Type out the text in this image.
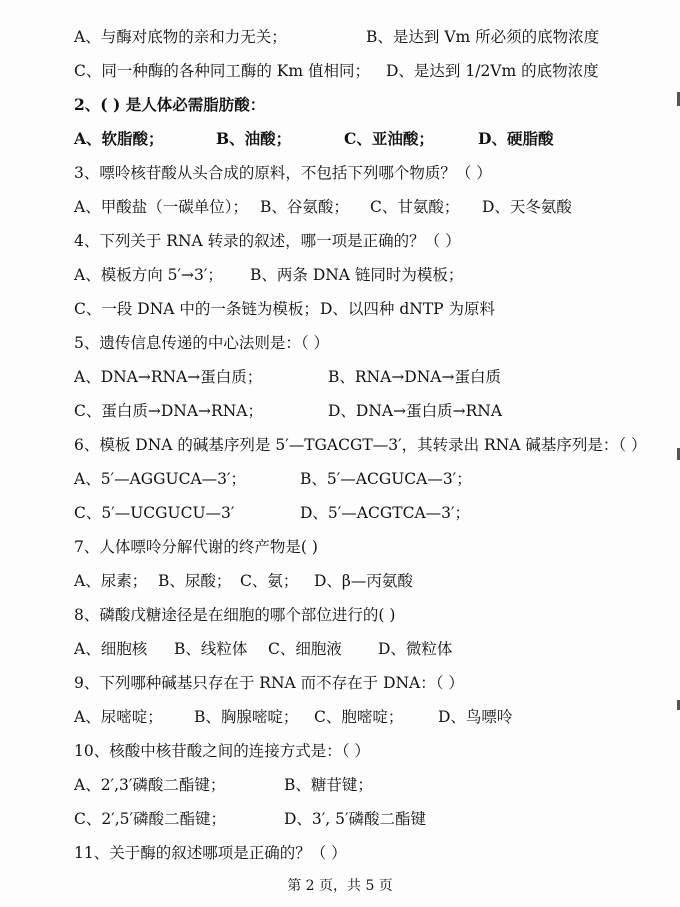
A、与酶对底物的亲和力无关；	B、是达到 Vm 所必须的底物浓度
C、同一种酶的各种同工酶的 Km 值相同； D、是达到 1/2Vm 的底物浓度
2、( ) 是人体必需脂肪酸：
A、软脂酸；	B、油酸；	C、亚油酸；	D、硬脂酸
3、嘌呤核苷酸从头合成的原料，不包括下列哪个物质？（ ）
A、甲酸盐（一碳单位）； B、谷氨酸； C、甘氨酸； D、天冬氨酸
4、下列关于 RNA 转录的叙述，哪一项是正确的？（ ）
A、模板方向 5′→3′； B、两条 DNA 链同时为模板；
C、一段 DNA 中的一条链为模板； D、以四种 dNTP 为原料
5、遗传信息传递的中心法则是：（ ）
A、DNA→RNA→蛋白质；	B、RNA→DNA→蛋白质
C、蛋白质→DNA→RNA；	D、DNA→蛋白质→RNA
6、模板 DNA 的碱基序列是 5′—TGACGT—3′，其转录出 RNA 碱基序列是：（ ）
A、5′—AGGUCA—3′；	B、5′—ACGUCA—3′；
C、5′—UCGUCU—3′	D、5′—ACGTCA—3′；
7、人体嘌呤分解代谢的终产物是( )
A、尿素； B、尿酸； C、氨； D、β—丙氨酸
8、磷酸戊糖途径是在细胞的哪个部位进行的( )
A、细胞核 B、线粒体 C、细胞液 D、微粒体
9、下列哪种碱基只存在于 RNA 而不存在于 DNA：（ ）
A、尿嘧啶； B、胸腺嘧啶； C、胞嘧啶； D、鸟嘌呤
10、核酸中核苷酸之间的连接方式是：（ ）
A、2′,3′磷酸二酯键；	B、糖苷键；
C、2′,5′磷酸二酯键；	D、3′, 5′磷酸二酯键
11、关于酶的叙述哪项是正确的？（ ）
第 2 页，共 5 页
